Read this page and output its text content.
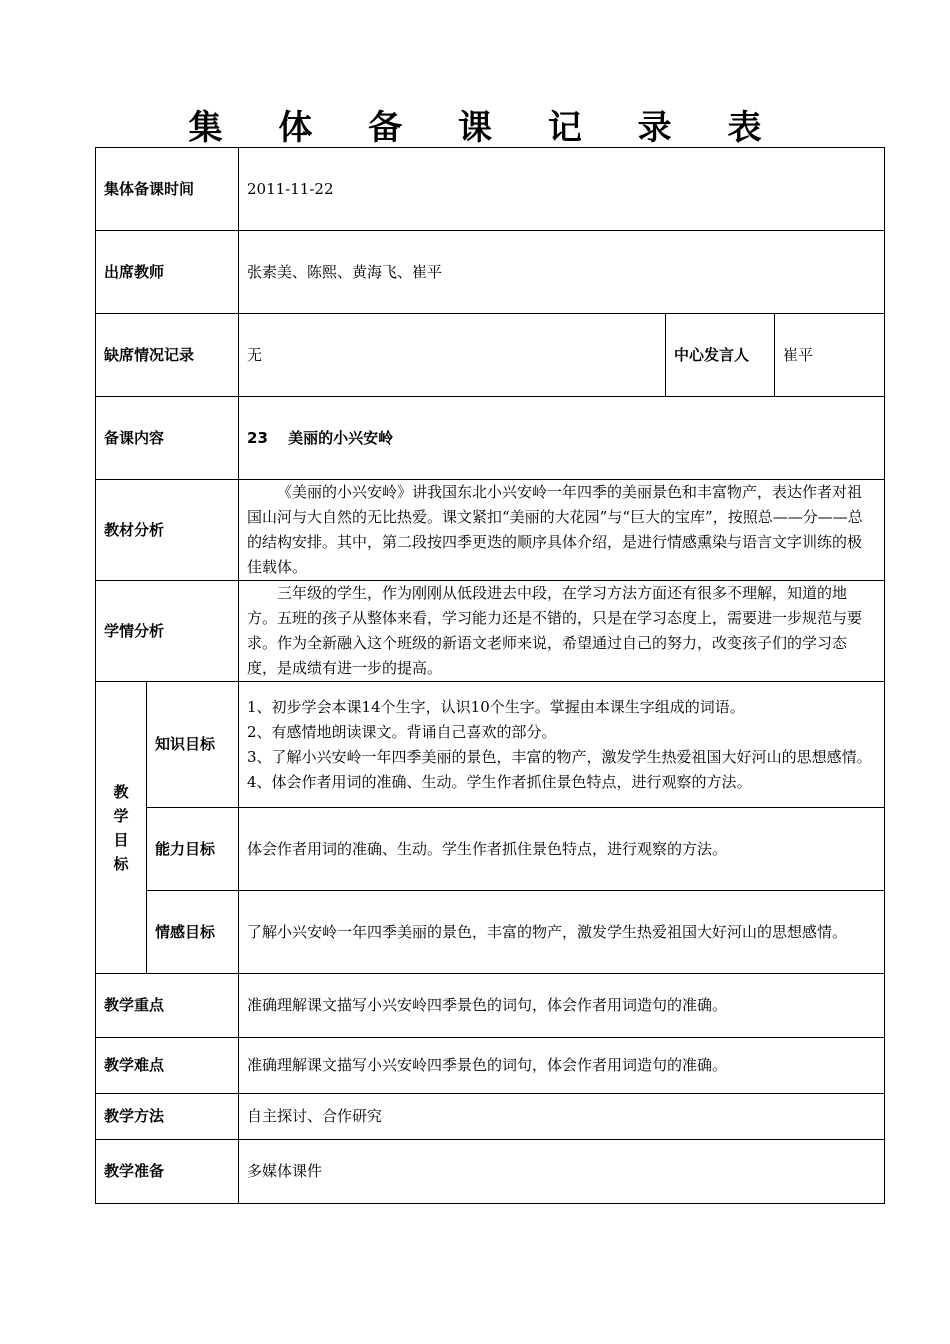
集 体 备 课 记 录 表
集体备课时间		2011-11-22		
出席教师		张素美、陈熙、黄海飞、崔平		
缺席情况记录		无	中心发言人	崔平
备课内容		23　 美丽的小兴安岭		
教材分析		《美丽的小兴安岭》讲我国东北小兴安岭一年四季的美丽景色和丰富物产，表达作者对祖国山河与大自然的无比热爱。课文紧扣“美丽的大花园”与“巨大的宝库”，按照总——分——总的结构安排。其中，第二段按四季更迭的顺序具体介绍，是进行情感熏染与语言文字训练的极佳载体。		
学情分析		三年级的学生，作为刚刚从低段进去中段，在学习方法方面还有很多不理解，知道的地方。五班的孩子从整体来看，学习能力还是不错的，只是在学习态度上，需要进一步规范与要求。作为全新融入这个班级的新语文老师来说，希望通过自己的努力，改变孩子们的学习态度，是成绩有进一步的提高。		

教
学
目
标	知识目标	1、初步学会本课14个生字，认识10个生字。掌握由本课生字组成的词语。
2、有感情地朗读课文。背诵自己喜欢的部分。
3、了解小兴安岭一年四季美丽的景色，丰富的物产，激发学生热爱祖国大好河山的思想感情。
4、体会作者用词的准确、生动。学生作者抓住景色特点，进行观察的方法。		

	能力目标	体会作者用词的准确、生动。学生作者抓住景色特点，进行观察的方法。		
	情感目标	了解小兴安岭一年四季美丽的景色，丰富的物产，激发学生热爱祖国大好河山的思想感情。		
教学重点		准确理解课文描写小兴安岭四季景色的词句，体会作者用词造句的准确。		
教学难点		准确理解课文描写小兴安岭四季景色的词句，体会作者用词造句的准确。		
教学方法		自主探讨、合作研究		
教学准备		多媒体课件		
